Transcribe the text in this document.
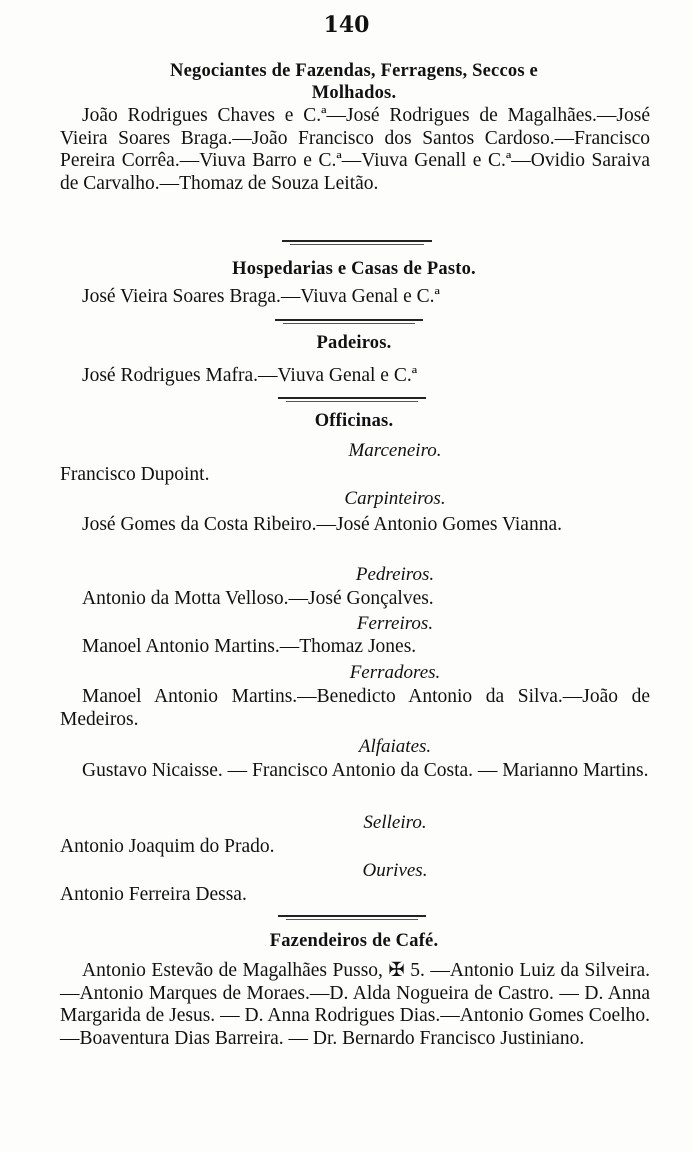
140
Negociantes de Fazendas, Ferragens, Seccos e
Molhados.

João Rodrigues Chaves e C.ª—José Rodrigues de Magalhães.—José Vieira Soares Braga.—João Francisco dos Santos Cardoso.—Francisco Pereira Corrêa.—Viuva Barro e C.ª—Viuva Genall e C.ª—Ovidio Saraiva de Carvalho.—Thomaz de Souza Leitão.

Hospedarias e Casas de Pasto.

José Vieira Soares Braga.—Viuva Genal e C.ª

Padeiros.

José Rodrigues Mafra.—Viuva Genal e C.ª

Officinas.
Marceneiro.

Francisco Dupoint.

Carpinteiros.

José Gomes da Costa Ribeiro.—José Antonio Gomes Vianna.

Pedreiros.

Antonio da Motta Velloso.—José Gonçalves.

Ferreiros.

Manoel Antonio Martins.—Thomaz Jones.

Ferradores.

Manoel Antonio Martins.—Benedicto Antonio da Silva.—João de Medeiros.

Alfaiates.

Gustavo Nicaisse. — Francisco Antonio da Costa. — Marianno Martins.

Selleiro.

Antonio Joaquim do Prado.

Ourives.

Antonio Ferreira Dessa.

Fazendeiros de Café.

Antonio Estevão de Magalhães Pusso, ✠ 5. —Antonio Luiz da Silveira.—Antonio Marques de Moraes.—D. Alda Nogueira de Castro. — D. Anna Margarida de Jesus. — D. Anna Rodrigues Dias.—Antonio Gomes Coelho.—Boaventura Dias Barreira. — Dr. Bernardo Francisco Justiniano.
